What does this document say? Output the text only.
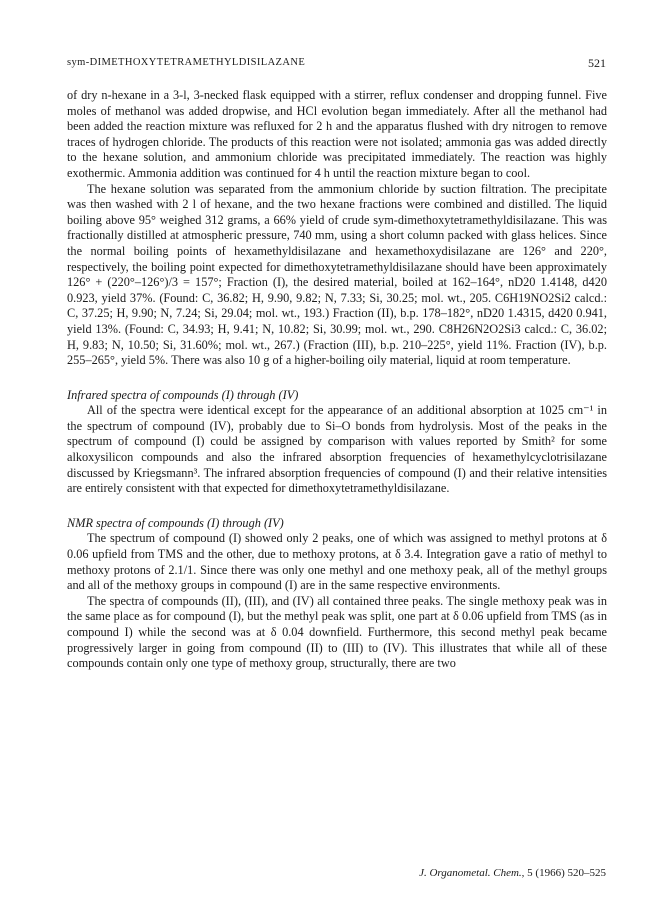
sym-DIMETHOXYTETRAMETHYLDISILAZANE	521

of dry n-hexane in a 3-l, 3-necked flask equipped with a stirrer, reflux condenser and dropping funnel. Five moles of methanol was added dropwise, and HCl evolution began immediately. After all the methanol had been added the reaction mixture was refluxed for 2 h and the apparatus flushed with dry nitrogen to remove traces of hydrogen chloride. The products of this reaction were not isolated; ammonia gas was added directly to the hexane solution, and ammonium chloride was precipitated immediately. The reaction was highly exothermic. Ammonia addition was continued for 4 h until the reaction mixture began to cool.

The hexane solution was separated from the ammonium chloride by suction filtration. The precipitate was then washed with 2 l of hexane, and the two hexane fractions were combined and distilled. The liquid boiling above 95° weighed 312 grams, a 66% yield of crude sym-dimethoxytetramethyldisilazane. This was fractionally distilled at atmospheric pressure, 740 mm, using a short column packed with glass helices. Since the normal boiling points of hexamethyldisilazane and hexamethoxydisilazane are 126° and 220°, respectively, the boiling point expected for dimethoxytetramethyldisilazane should have been approximately 126° + (220°–126°)/3 = 157°; Fraction (I), the desired material, boiled at 162–164°, nD20 1.4148, d420 0.923, yield 37%. (Found: C, 36.82; H, 9.90, 9.82; N, 7.33; Si, 30.25; mol. wt., 205. C6H19NO2Si2 calcd.: C, 37.25; H, 9.90; N, 7.24; Si, 29.04; mol. wt., 193.) Fraction (II), b.p. 178–182°, nD20 1.4315, d420 0.941, yield 13%. (Found: C, 34.93; H, 9.41; N, 10.82; Si, 30.99; mol. wt., 290. C8H26N2O2Si3 calcd.: C, 36.02; H, 9.83; N, 10.50; Si, 31.60%; mol. wt., 267.) (Fraction (III), b.p. 210–225°, yield 11%. Fraction (IV), b.p. 255–265°, yield 5%. There was also 10 g of a higher-boiling oily material, liquid at room temperature.

Infrared spectra of compounds (I) through (IV)

All of the spectra were identical except for the appearance of an additional absorption at 1025 cm⁻¹ in the spectrum of compound (IV), probably due to Si–O bonds from hydrolysis. Most of the peaks in the spectrum of compound (I) could be assigned by comparison with values reported by Smith² for some alkoxysilicon compounds and also the infrared absorption frequencies of hexamethylcyclotrisilazane discussed by Kriegsmann³. The infrared absorption frequencies of compound (I) and their relative intensities are entirely consistent with that expected for dimethoxytetramethyldisilazane.

NMR spectra of compounds (I) through (IV)

The spectrum of compound (I) showed only 2 peaks, one of which was assigned to methyl protons at δ 0.06 upfield from TMS and the other, due to methoxy protons, at δ 3.4. Integration gave a ratio of methyl to methoxy protons of 2.1/1. Since there was only one methyl and one methoxy peak, all of the methyl groups and all of the methoxy groups in compound (I) are in the same respective environments.

The spectra of compounds (II), (III), and (IV) all contained three peaks. The single methoxy peak was in the same place as for compound (I), but the methyl peak was split, one part at δ 0.06 upfield from TMS (as in compound I) while the second was at δ 0.04 downfield. Furthermore, this second methyl peak became progressively larger in going from compound (II) to (III) to (IV). This illustrates that while all of these compounds contain only one type of methoxy group, structurally, there are two

J. Organometal. Chem., 5 (1966) 520–525
